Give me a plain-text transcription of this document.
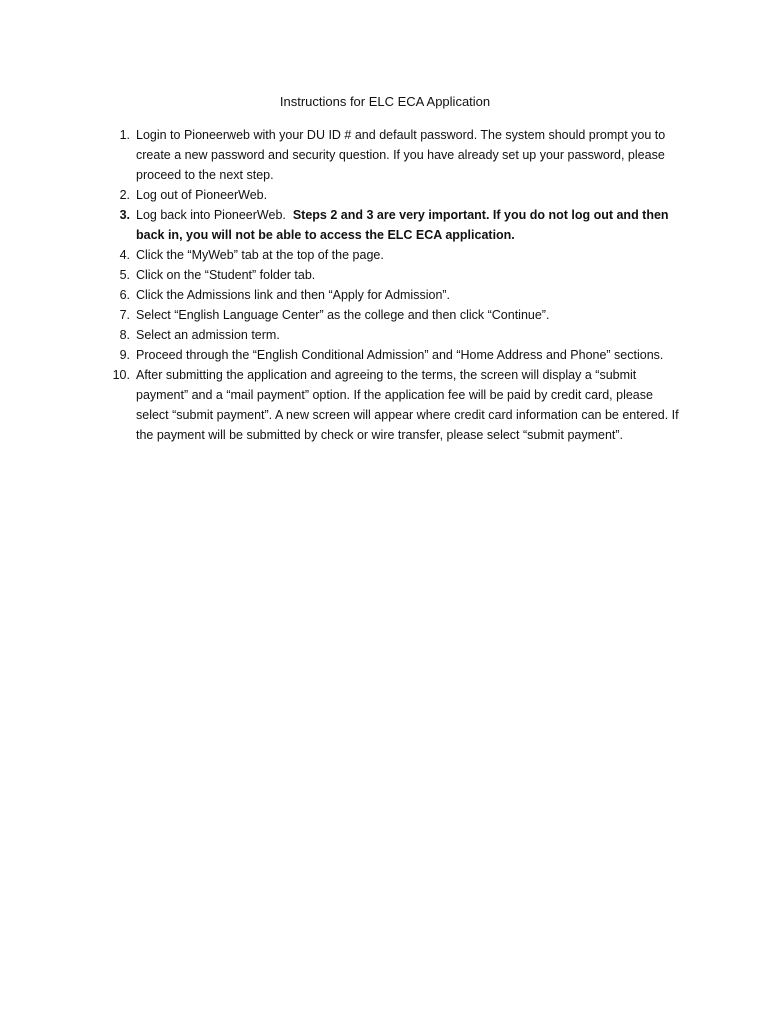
Instructions for ELC ECA Application
1. Login to Pioneerweb with your DU ID # and default password. The system should prompt you to create a new password and security question. If you have already set up your password, please proceed to the next step.
2. Log out of PioneerWeb.
3. Log back into PioneerWeb. Steps 2 and 3 are very important. If you do not log out and then back in, you will not be able to access the ELC ECA application.
4. Click the “MyWeb” tab at the top of the page.
5. Click on the “Student” folder tab.
6. Click the Admissions link and then “Apply for Admission”.
7. Select “English Language Center” as the college and then click “Continue”.
8. Select an admission term.
9. Proceed through the “English Conditional Admission” and “Home Address and Phone” sections.
10. After submitting the application and agreeing to the terms, the screen will display a “submit payment” and a “mail payment” option. If the application fee will be paid by credit card, please select “submit payment”. A new screen will appear where credit card information can be entered. If the payment will be submitted by check or wire transfer, please select “submit payment”.
